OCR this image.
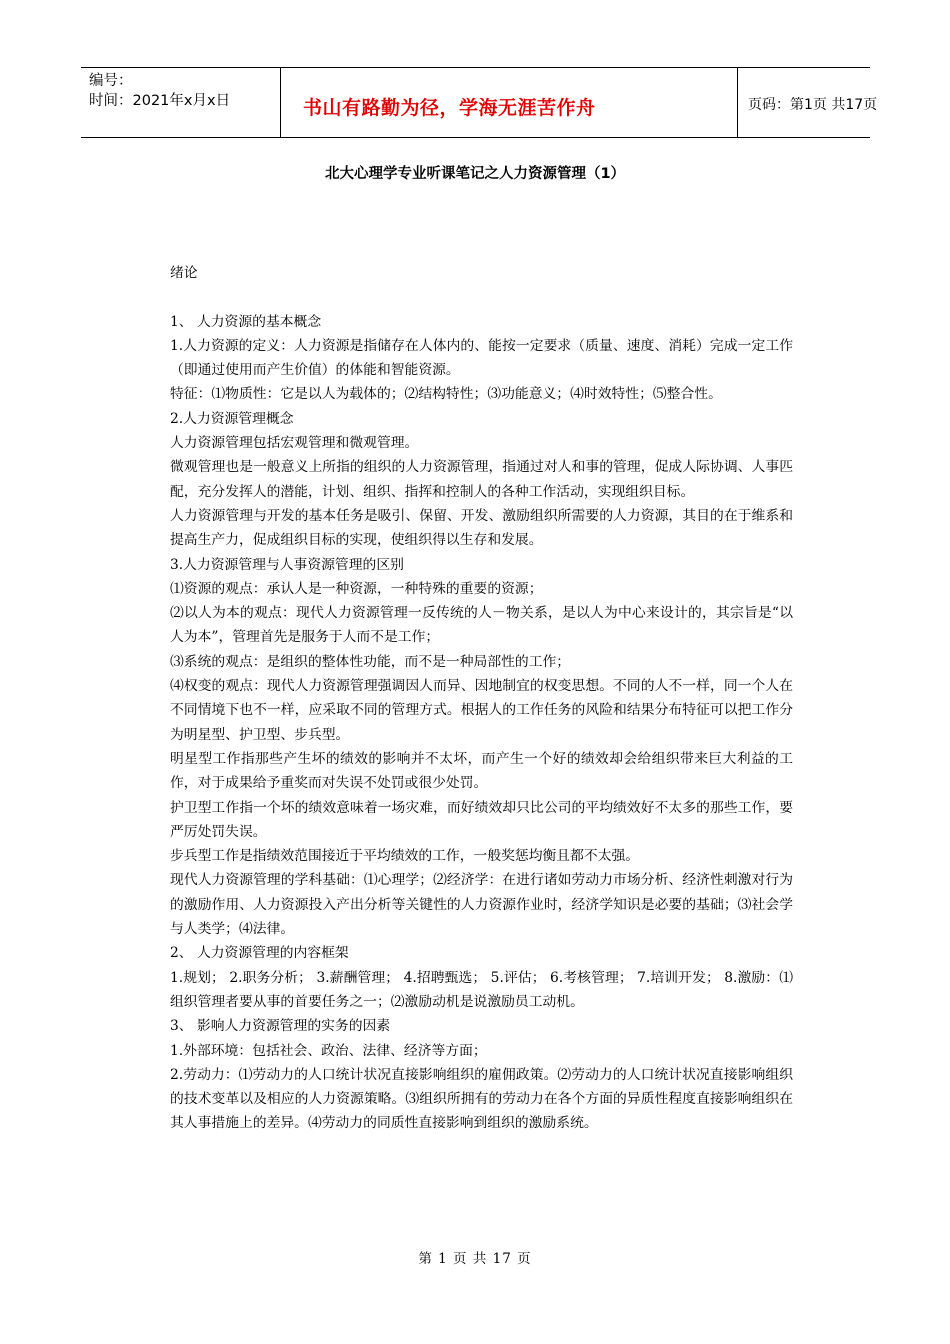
编号：
时间：2021年x月x日	书山有路勤为径，学海无涯苦作舟	页码：第1页 共17页
北大心理学专业听课笔记之人力资源管理（1）

绪论

1、 人力资源的基本概念

1.人力资源的定义：人力资源是指储存在人体内的、能按一定要求（质量、速度、消耗）完成一定工作（即通过使用而产生价值）的体能和智能资源。

特征：⑴物质性：它是以人为载体的；⑵结构特性；⑶功能意义；⑷时效特性；⑸整合性。

2.人力资源管理概念

人力资源管理包括宏观管理和微观管理。

微观管理也是一般意义上所指的组织的人力资源管理，指通过对人和事的管理，促成人际协调、人事匹配，充分发挥人的潜能，计划、组织、指挥和控制人的各种工作活动，实现组织目标。

人力资源管理与开发的基本任务是吸引、保留、开发、激励组织所需要的人力资源，其目的在于维系和提高生产力，促成组织目标的实现，使组织得以生存和发展。

3.人力资源管理与人事资源管理的区别

⑴资源的观点：承认人是一种资源，一种特殊的重要的资源；

⑵以人为本的观点：现代人力资源管理一反传统的人－物关系，是以人为中心来设计的，其宗旨是“以人为本”，管理首先是服务于人而不是工作；

⑶系统的观点：是组织的整体性功能，而不是一种局部性的工作；

⑷权变的观点：现代人力资源管理强调因人而异、因地制宜的权变思想。不同的人不一样，同一个人在不同情境下也不一样，应采取不同的管理方式。根据人的工作任务的风险和结果分布特征可以把工作分为明星型、护卫型、步兵型。

明星型工作指那些产生坏的绩效的影响并不太坏，而产生一个好的绩效却会给组织带来巨大利益的工作，对于成果给予重奖而对失误不处罚或很少处罚。

护卫型工作指一个坏的绩效意味着一场灾难，而好绩效却只比公司的平均绩效好不太多的那些工作，要严厉处罚失误。

步兵型工作是指绩效范围接近于平均绩效的工作，一般奖惩均衡且都不太强。

现代人力资源管理的学科基础：⑴心理学；⑵经济学：在进行诸如劳动力市场分析、经济性刺激对行为的激励作用、人力资源投入产出分析等关键性的人力资源作业时，经济学知识是必要的基础；⑶社会学与人类学；⑷法律。

2、 人力资源管理的内容框架

1.规划； 2.职务分析； 3.薪酬管理； 4.招聘甄选； 5.评估； 6.考核管理； 7.培训开发； 8.激励：⑴组织管理者要从事的首要任务之一；⑵激励动机是说激励员工动机。

3、 影响人力资源管理的实务的因素

1.外部环境：包括社会、政治、法律、经济等方面；

2.劳动力：⑴劳动力的人口统计状况直接影响组织的雇佣政策。⑵劳动力的人口统计状况直接影响组织的技术变革以及相应的人力资源策略。⑶组织所拥有的劳动力在各个方面的异质性程度直接影响组织在其人事措施上的差异。⑷劳动力的同质性直接影响到组织的激励系统。

第 1 页 共 17 页
